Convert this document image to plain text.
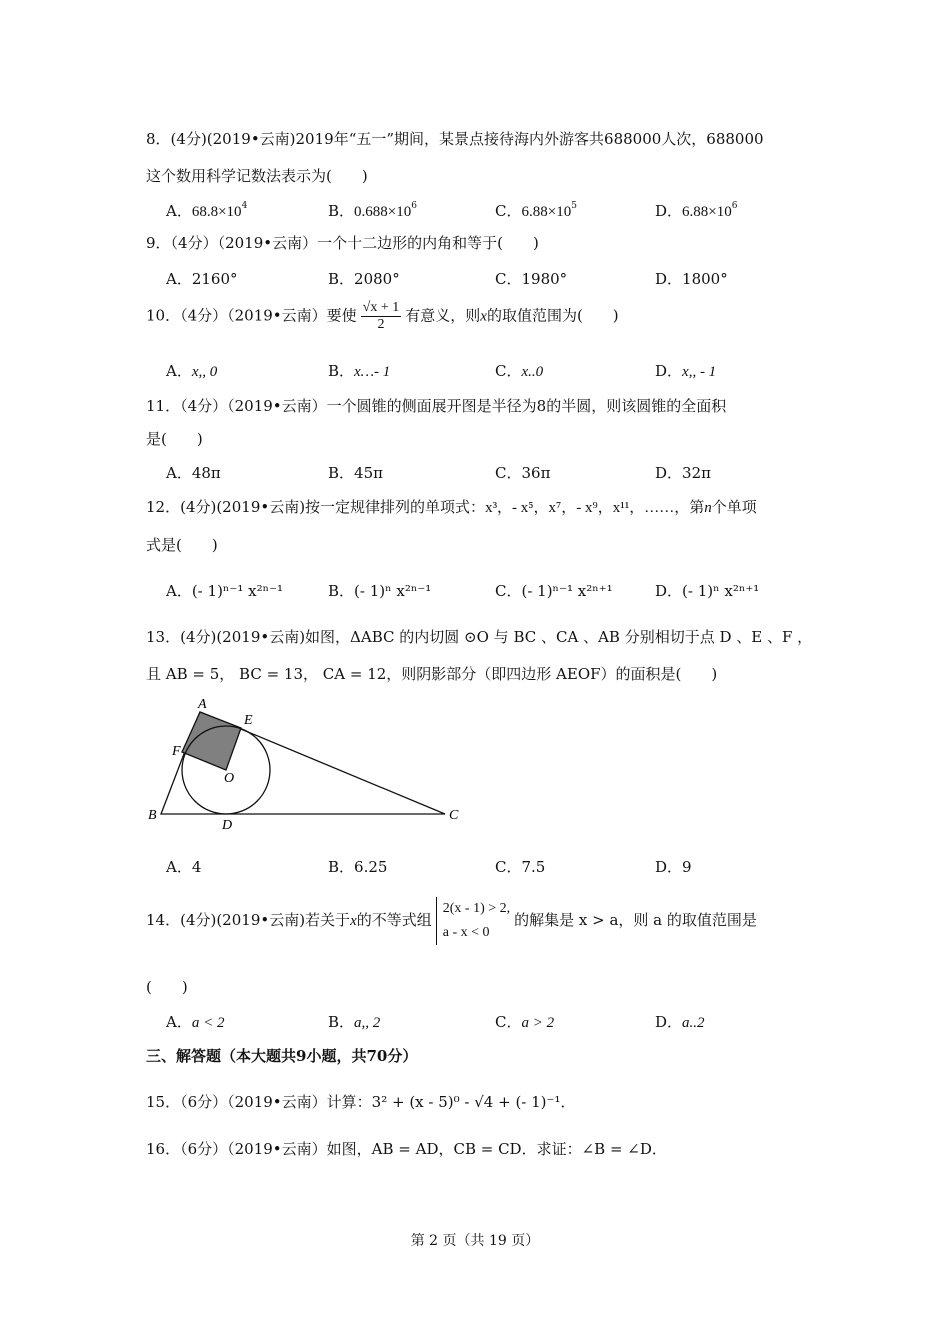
8．(4分)(2019•云南)2019年“五一”期间，某景点接待海内外游客共688000人次，688000
这个数用科学记数法表示为(　　)
A．$68.8\times 10^4$	B．$0.688\times 10^6$	C．$6.88\times 10^5$	D．$6.88\times 10^6$
9．（4分）（2019•云南）一个十二边形的内角和等于(　　)
A．2160°	B．2080°	C．1980°	D．1800°
10．（4分）（2019•云南）要使 $\frac{√x + 1}{2}$ 有意义，则x的取值范围为(　　)
A．x,, 0	B．x…- 1	C．x..0	D．x,, - 1
11．（4分）（2019•云南）一个圆锥的侧面展开图是半径为8的半圆，则该圆锥的全面积
是(　　)
A．48π	B．45π	C．36π	D．32π
12．(4分)(2019•云南)按一定规律排列的单项式：x³，- x⁵，x⁷，- x⁹，x¹¹，……，第n个单项
式是(　　)
A．(- 1)ⁿ⁻¹ x²ⁿ⁻¹	B．(- 1)ⁿ x²ⁿ⁻¹	C．(- 1)ⁿ⁻¹ x²ⁿ⁺¹	D．(- 1)ⁿ x²ⁿ⁺¹
13．(4分)(2019•云南)如图，ΔABC 的内切圆 ⊙O 与 BC 、CA 、AB 分别相切于点 D 、E 、F ，
且 AB = 5， BC = 13， CA = 12，则阴影部分（即四边形 AEOF）的面积是(　　)
A
E
F
O
B
D
C
A．4	B．6.25	C．7.5	D．9
14．(4分)(2019•云南)若关于x的不等式组
2(x - 1) > 2,
a - x < 0
的解集是 x > a，则 a 的取值范围是
(　　)
A．a < 2	B．a,, 2	C．a > 2	D．a..2
三、解答题（本大题共9小题，共70分）
15．（6分）（2019•云南）计算：3² + (x - 5)⁰ - √4 + (- 1)⁻¹．
16．（6分）（2019•云南）如图，AB = AD，CB = CD．求证：∠B = ∠D．
第 2 页（共 19 页）
